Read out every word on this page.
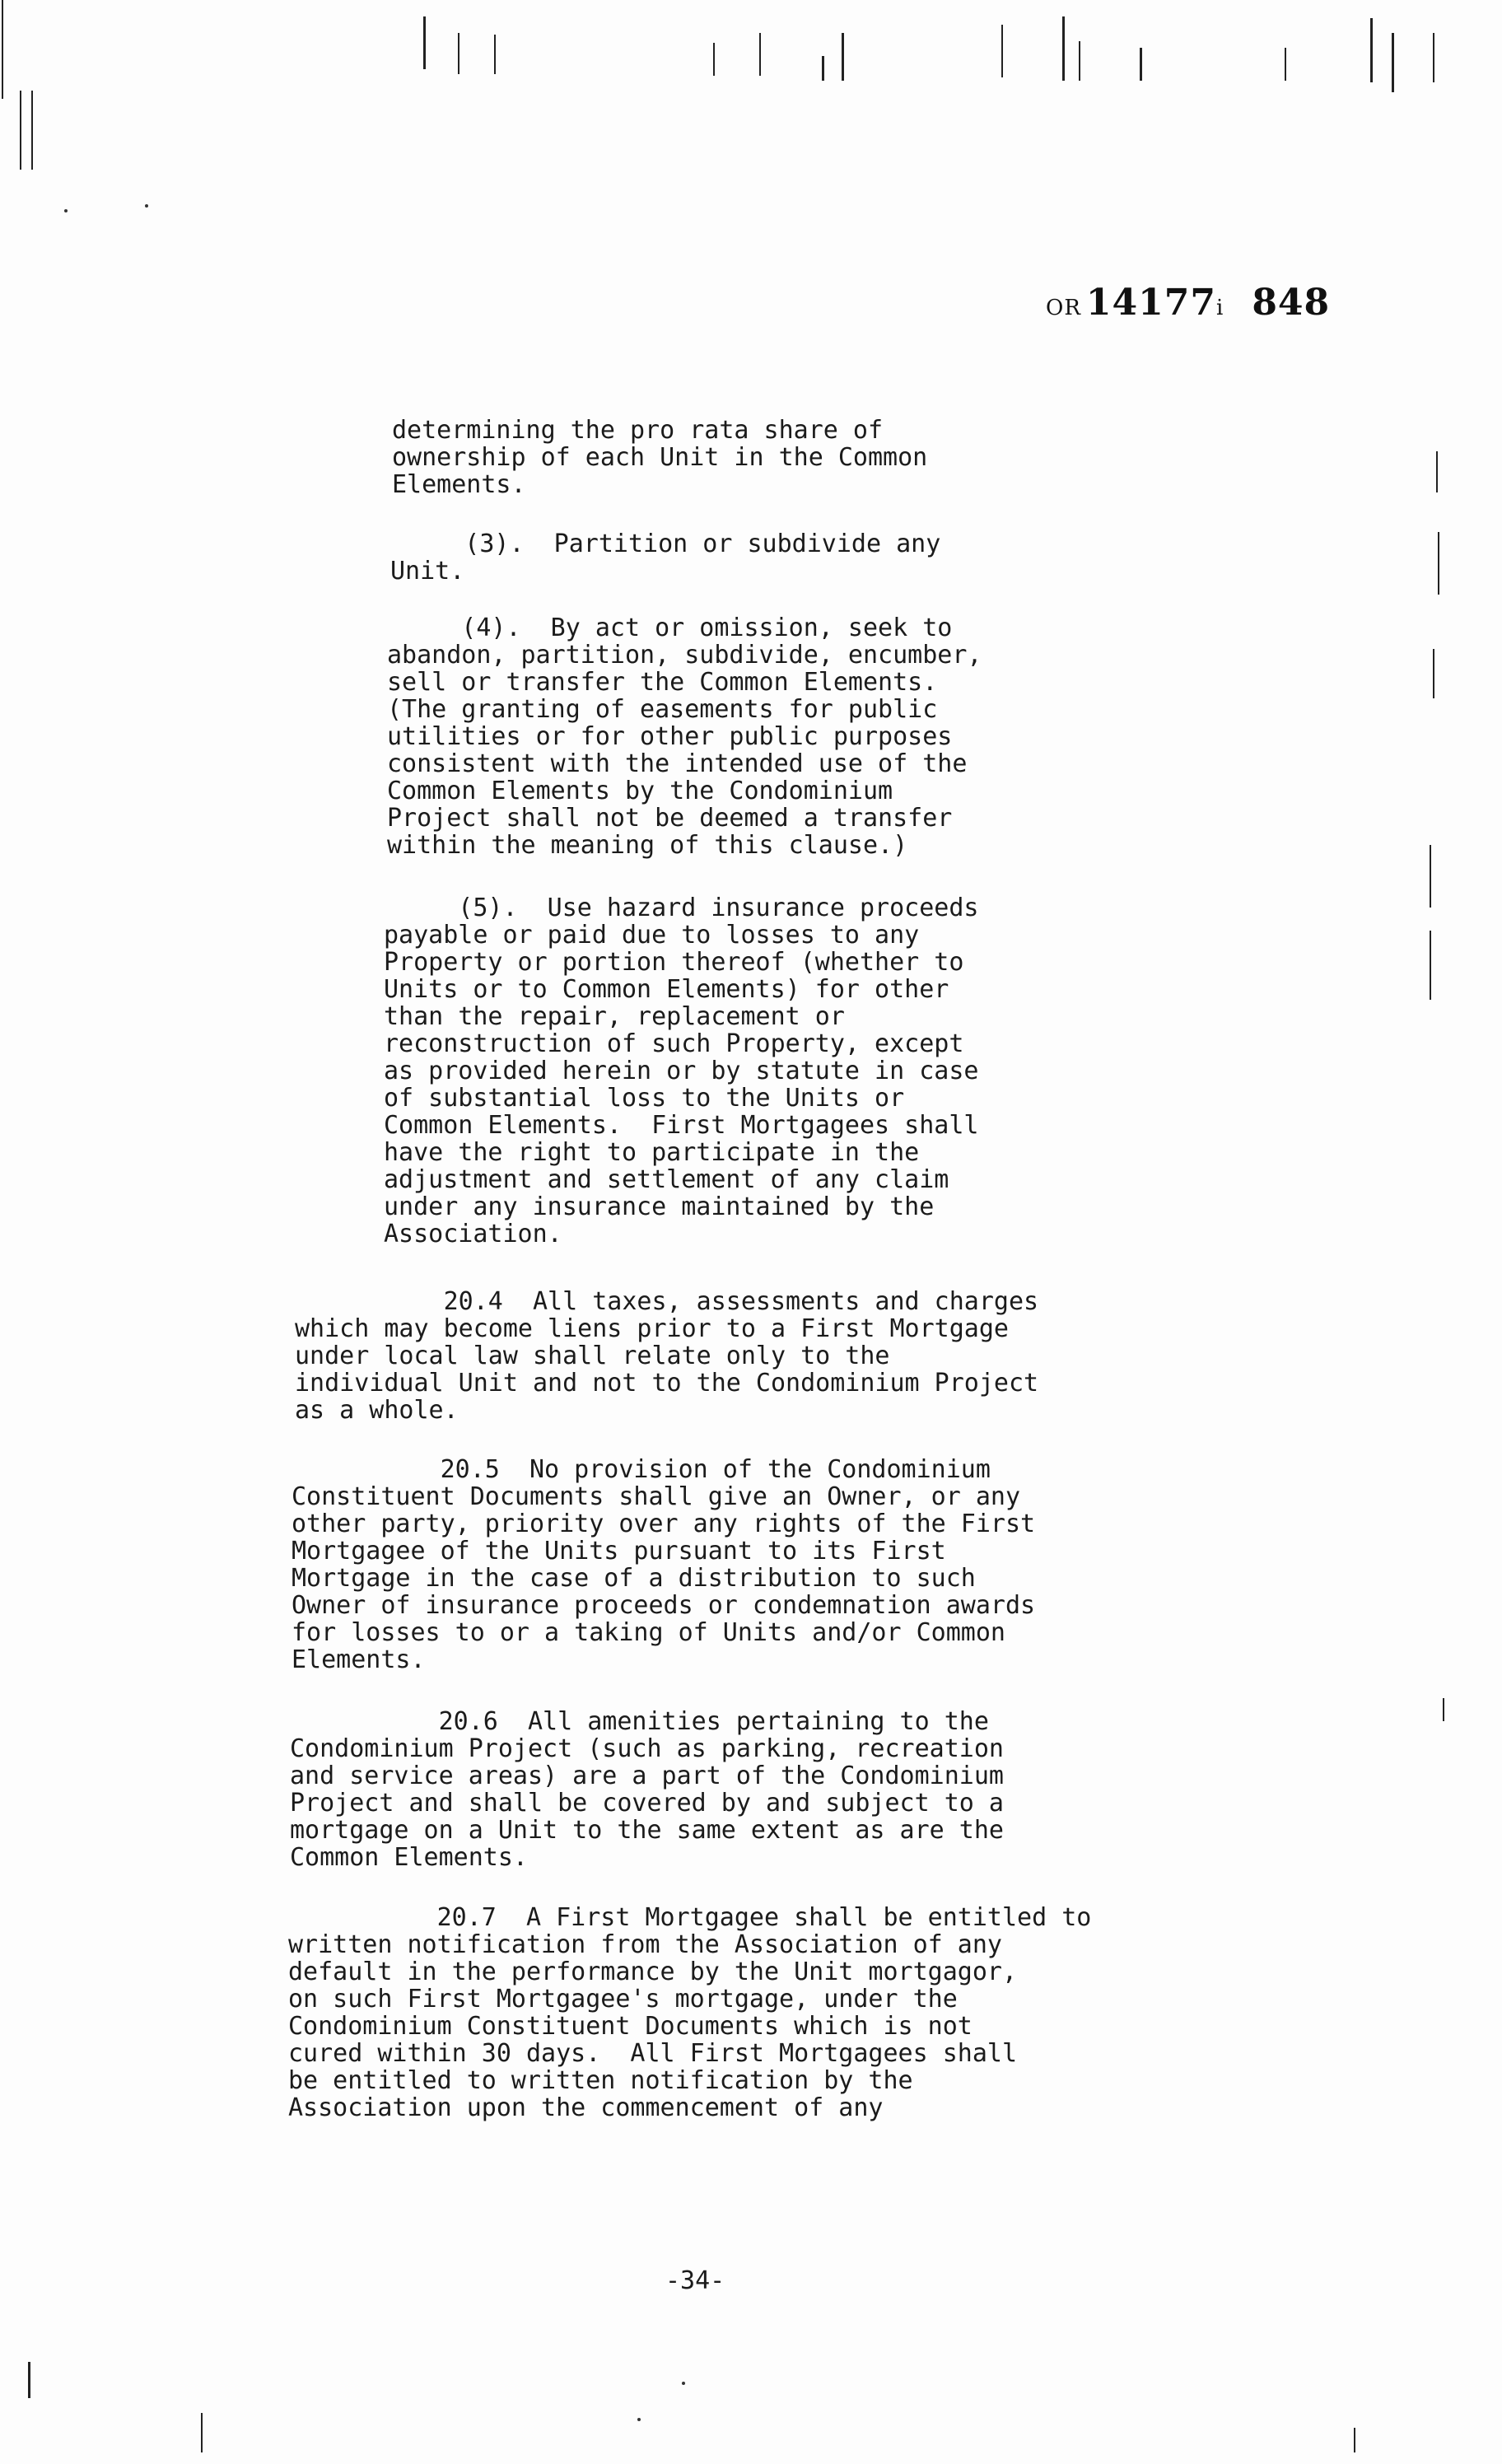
OR 14177i 848
determining the pro rata share of
ownership of each Unit in the Common
Elements.
(3).  Partition or subdivide any
Unit.
(4).  By act or omission, seek to
abandon, partition, subdivide, encumber,
sell or transfer the Common Elements.
(The granting of easements for public
utilities or for other public purposes
consistent with the intended use of the
Common Elements by the Condominium
Project shall not be deemed a transfer
within the meaning of this clause.)
(5).  Use hazard insurance proceeds
payable or paid due to losses to any
Property or portion thereof (whether to
Units or to Common Elements) for other
than the repair, replacement or
reconstruction of such Property, except
as provided herein or by statute in case
of substantial loss to the Units or
Common Elements.  First Mortgagees shall
have the right to participate in the
adjustment and settlement of any claim
under any insurance maintained by the
Association.
20.4  All taxes, assessments and charges
which may become liens prior to a First Mortgage
under local law shall relate only to the
individual Unit and not to the Condominium Project
as a whole.
20.5  No provision of the Condominium
Constituent Documents shall give an Owner, or any
other party, priority over any rights of the First
Mortgagee of the Units pursuant to its First
Mortgage in the case of a distribution to such
Owner of insurance proceeds or condemnation awards
for losses to or a taking of Units and/or Common
Elements.
20.6  All amenities pertaining to the
Condominium Project (such as parking, recreation
and service areas) are a part of the Condominium
Project and shall be covered by and subject to a
mortgage on a Unit to the same extent as are the
Common Elements.
20.7  A First Mortgagee shall be entitled to
written notification from the Association of any
default in the performance by the Unit mortgagor,
on such First Mortgagee's mortgage, under the
Condominium Constituent Documents which is not
cured within 30 days.  All First Mortgagees shall
be entitled to written notification by the
Association upon the commencement of any
-34-
